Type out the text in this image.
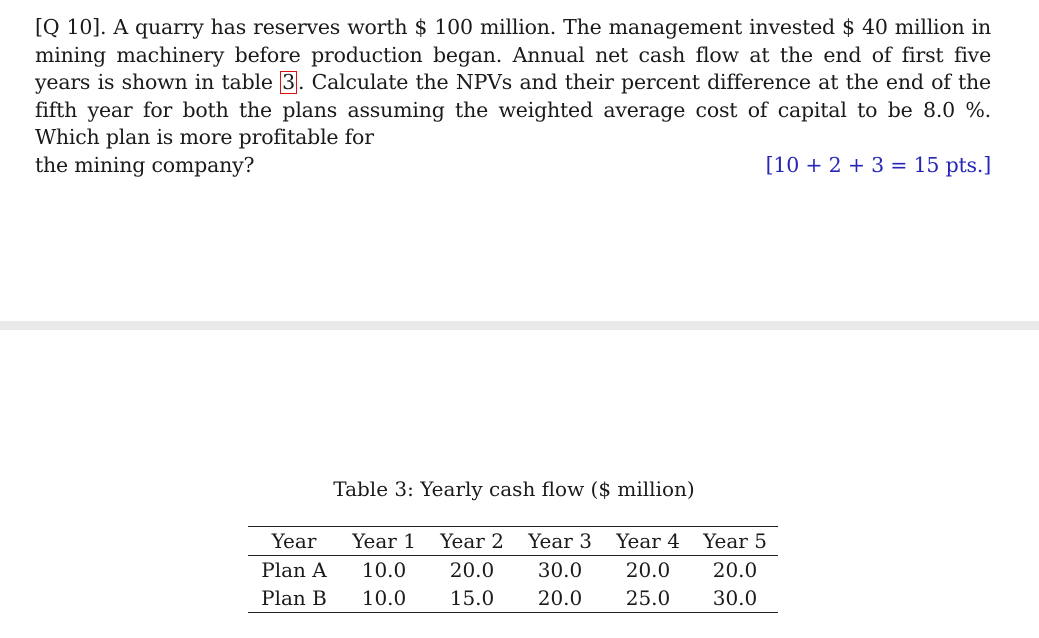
[Q 10]. A quarry has reserves worth $ 100 million. The management invested $ 40 million in mining machinery before production began. Annual net cash flow at the end of first five years is shown in table 3 . Calculate the NPVs and their percent difference at the end of the fifth year for both the plans assuming the weighted average cost of capital to be 8.0 %. Which plan is more profitable for
the mining company?	[10 + 2 + 3 = 15 pts.]
Table 3: Yearly cash flow ($ million)
Year	Year 1	Year 2	Year 3	Year 4	Year 5
Plan A	10.0	20.0	30.0	20.0	20.0
Plan B	10.0	15.0	20.0	25.0	30.0
